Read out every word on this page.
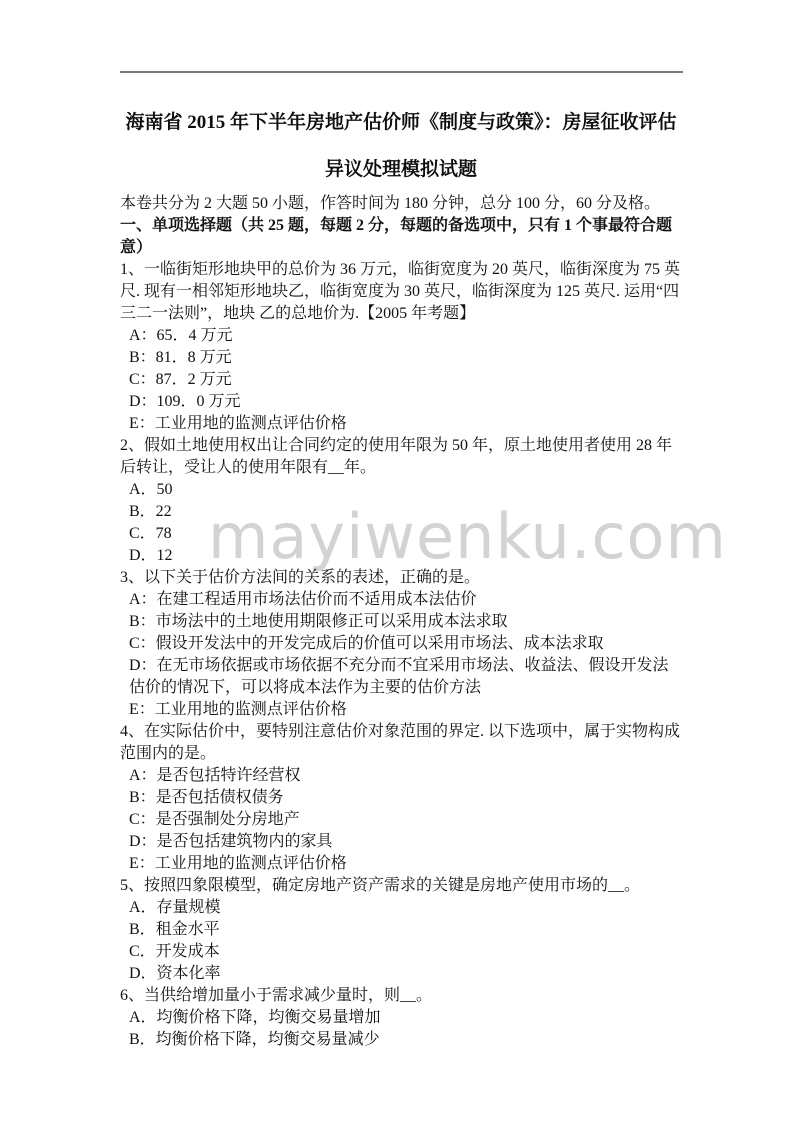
mayiwenku.com
海南省 2015 年下半年房地产估价师《制度与政策》：房屋征收评估
异议处理模拟试题

本卷共分为 2 大题 50 小题，作答时间为 180 分钟，总分 100 分，60 分及格。

一、单项选择题（共 25 题，每题 2 分，每题的备选项中，只有 1 个事最符合题意）

1、一临街矩形地块甲的总价为 36 万元，临街宽度为 20 英尺，临街深度为 75 英尺. 现有一相邻矩形地块乙，临街宽度为 30 英尺，临街深度为 125 英尺. 运用“四三二一法则”，地块 乙的总地价为.【2005 年考题】

A：65．4 万元

B：81．8 万元

C：87．2 万元

D：109．0 万元

E：工业用地的监测点评估价格

2、假如土地使用权出让合同约定的使用年限为 50 年，原土地使用者使用 28 年后转让，受让人的使用年限有__年。

A．50

B．22

C．78

D．12

3、以下关于估价方法间的关系的表述，正确的是。

A：在建工程适用市场法估价而不适用成本法估价

B：市场法中的土地使用期限修正可以采用成本法求取

C：假设开发法中的开发完成后的价值可以采用市场法、成本法求取

D：在无市场依据或市场依据不充分而不宜采用市场法、收益法、假设开发法估价的情况下，可以将成本法作为主要的估价方法

E：工业用地的监测点评估价格

4、在实际估价中，要特别注意估价对象范围的界定. 以下选项中，属于实物构成范围内的是。

A：是否包括特许经营权

B：是否包括债权债务

C：是否强制处分房地产

D：是否包括建筑物内的家具

E：工业用地的监测点评估价格

5、按照四象限模型，确定房地产资产需求的关键是房地产使用市场的__。

A．存量规模

B．租金水平

C．开发成本

D．资本化率

6、当供给增加量小于需求减少量时，则__。

A．均衡价格下降，均衡交易量增加

B．均衡价格下降，均衡交易量减少
